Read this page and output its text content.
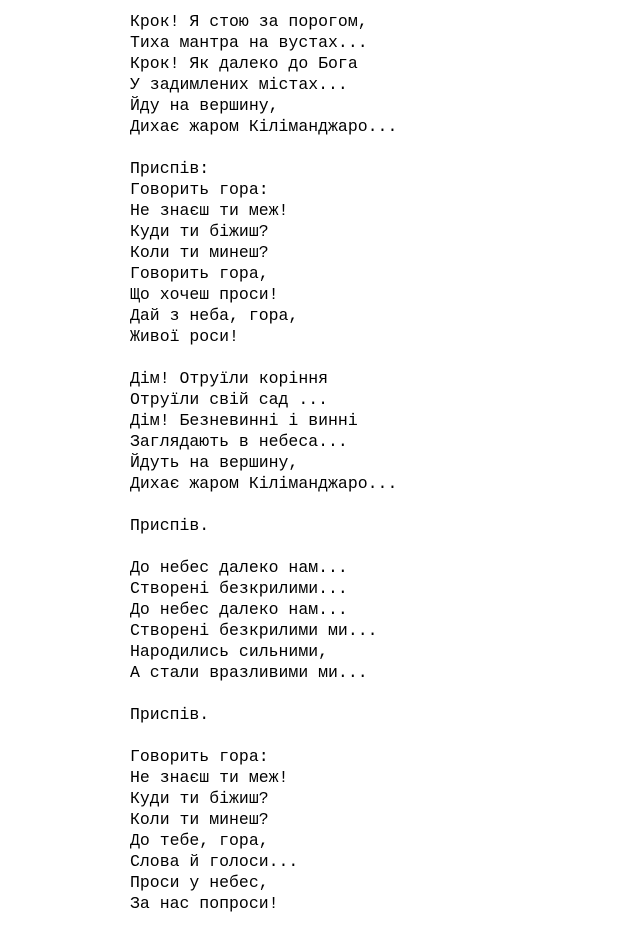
Крок! Я стою за порогом,
Тиха мантра на вустах...
Крок! Як далеко до Бога
У задимлених містах...
Йду на вершину,
Дихає жаром Кіліманджаро...
Приспів:
Говорить гора:
Не знаєш ти меж!
Куди ти біжиш?
Коли ти минеш?
Говорить гора,
Що хочеш проси!
Дай з неба, гора,
Живої роси!
Дім! Отруїли коріння
Отруїли свій сад ...
Дім! Безневинні і винні
Заглядають в небеса...
Йдуть на вершину,
Дихає жаром Кіліманджаро...
Приспів.
До небес далеко нам...
Створені безкрилими...
До небес далеко нам...
Створені безкрилими ми...
Народились сильними,
А стали вразливими ми...
Приспів.
Говорить гора:
Не знаєш ти меж!
Куди ти біжиш?
Коли ти минеш?
До тебе, гора,
Слова й голоси...
Проси у небес,
За нас попроси!
